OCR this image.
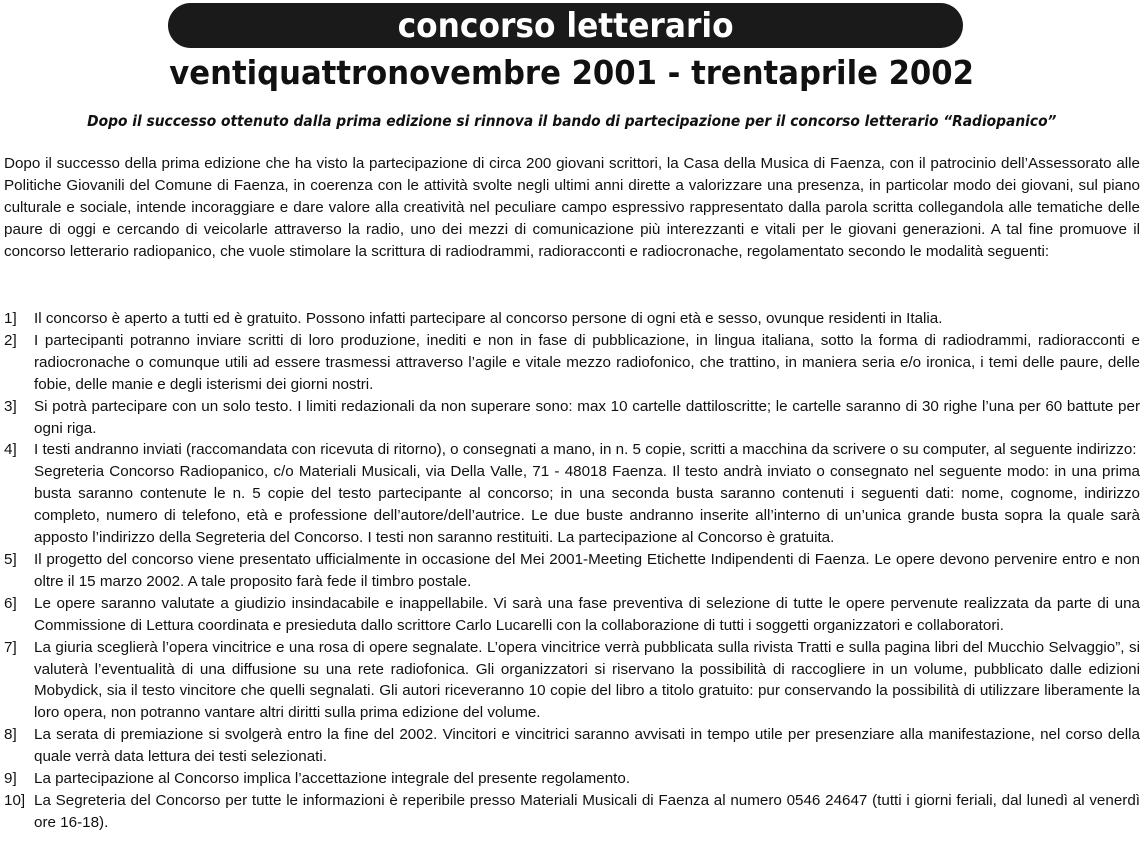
concorso letterario
ventiquattronovembre 2001 - trentaprile 2002
Dopo il successo ottenuto dalla prima edizione si rinnova il bando di partecipazione per il concorso letterario “Radiopanico”

Dopo il successo della prima edizione che ha visto la partecipazione di circa 200 giovani scrittori, la Casa della Musica di Faenza, con il patrocinio dell’Assessorato alle Politiche Giovanili del Comune di Faenza, in coerenza con le attività svolte negli ultimi anni dirette a valorizzare una presenza, in particolar modo dei giovani, sul piano culturale e sociale, intende incoraggiare e dare valore alla creatività nel peculiare campo espressivo rappresentato dalla parola scritta collegandola alle tematiche delle paure di oggi e cercando di veicolarle attraverso la radio, uno dei mezzi di comunicazione più interezzanti e vitali per le giovani generazioni. A tal fine promuove il concorso letterario radiopanico, che vuole stimolare la scrittura di radiodrammi, radioracconti e radiocronache, regolamentato secondo le modalità seguenti:

1]	Il concorso è aperto a tutti ed è gratuito. Possono infatti partecipare al concorso persone di ogni età e sesso, ovunque residenti in Italia.
2]	I partecipanti potranno inviare scritti di loro produzione, inediti e non in fase di pubblicazione, in lingua italiana, sotto la forma di radiodrammi, radioracconti e radiocronache o comunque utili ad essere trasmessi attraverso l’agile e vitale mezzo radiofonico, che trattino, in maniera seria e/o ironica, i temi delle paure, delle fobie, delle manie e degli isterismi dei giorni nostri.
3]	Si potrà partecipare con un solo testo. I limiti redazionali da non superare sono: max 10 cartelle dattiloscritte; le cartelle saranno di 30 righe l’una per 60 battute per ogni riga.
4]	I testi andranno inviati (raccomandata con ricevuta di ritorno), o consegnati a mano, in n. 5 copie, scritti a macchina da scrivere o su computer, al seguente indirizzo:
Segreteria Concorso Radiopanico, c/o Materiali Musicali, via Della Valle, 71 - 48018 Faenza. Il testo andrà inviato o consegnato nel seguente modo: in una prima busta saranno contenute le n. 5 copie del testo partecipante al concorso; in una seconda busta saranno contenuti i seguenti dati: nome, cognome, indirizzo completo, numero di telefono, età e professione dell’autore/dell’autrice. Le due buste andranno inserite all’interno di un’unica grande busta sopra la quale sarà apposto l’indirizzo della Segreteria del Concorso. I testi non saranno restituiti. La partecipazione al Concorso è gratuita.
5]	Il progetto del concorso viene presentato ufficialmente in occasione del Mei 2001-Meeting Etichette Indipendenti di Faenza. Le opere devono pervenire entro e non oltre il 15 marzo 2002. A tale proposito farà fede il timbro postale.
6]	Le opere saranno valutate a giudizio insindacabile e inappellabile. Vi sarà una fase preventiva di selezione di tutte le opere pervenute realizzata da parte di una Commissione di Lettura coordinata e presieduta dallo scrittore Carlo Lucarelli con la collaborazione di tutti i soggetti organizzatori e collaboratori.
7]	La giuria sceglierà l’opera vincitrice e una rosa di opere segnalate. L’opera vincitrice verrà pubblicata sulla rivista Tratti e sulla pagina libri del Mucchio Selvaggio”, si valuterà l’eventualità di una diffusione su una rete radiofonica. Gli organizzatori si riservano la possibilità di raccogliere in un volume, pubblicato dalle edizioni Mobydick, sia il testo vincitore che quelli segnalati. Gli autori riceveranno 10 copie del libro a titolo gratuito: pur conservando la possibilità di utilizzare liberamente la loro opera, non potranno vantare altri diritti sulla prima edizione del volume.
8]	La serata di premiazione si svolgerà entro la fine del 2002. Vincitori e vincitrici saranno avvisati in tempo utile per presenziare alla manifestazione, nel corso della quale verrà data lettura dei testi selezionati.
9]	La partecipazione al Concorso implica l’accettazione integrale del presente regolamento.
10] La Segreteria del Concorso per tutte le informazioni è reperibile presso Materiali Musicali di Faenza al numero 0546 24647 (tutti i giorni feriali, dal lunedì al venerdì ore 16-18).
